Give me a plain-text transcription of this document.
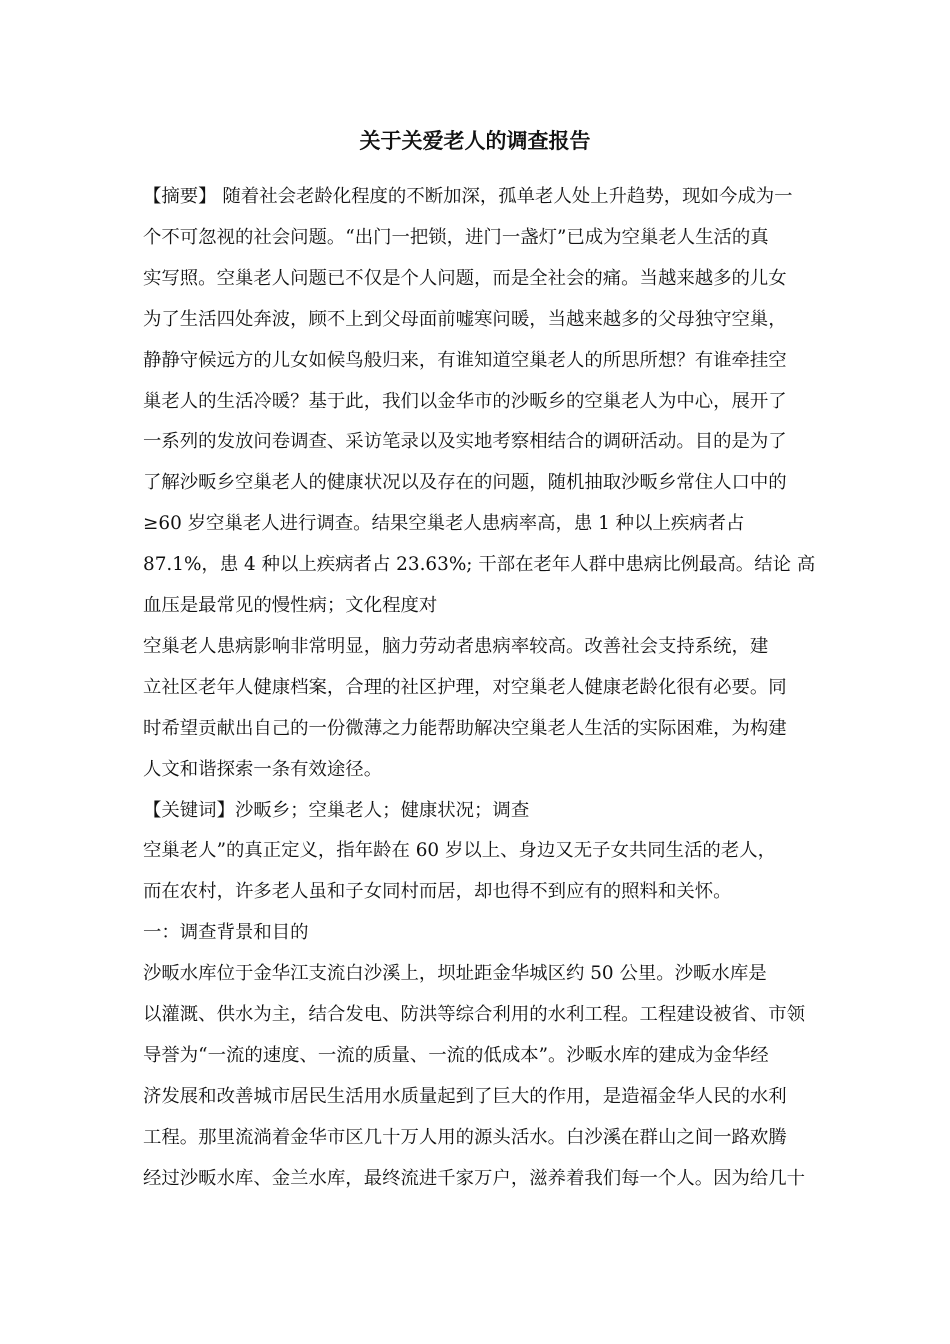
关于关爱老人的调查报告
【摘要】 随着社会老龄化程度的不断加深，孤单老人处上升趋势，现如今成为一
个不可忽视的社会问题。“出门一把锁，进门一盏灯”已成为空巢老人生活的真
实写照。空巢老人问题已不仅是个人问题，而是全社会的痛。当越来越多的儿女
为了生活四处奔波，顾不上到父母面前嘘寒问暖，当越来越多的父母独守空巢，
静静守候远方的儿女如候鸟般归来，有谁知道空巢老人的所思所想？有谁牵挂空
巢老人的生活冷暖？基于此，我们以金华市的沙畈乡的空巢老人为中心，展开了
一系列的发放问卷调查、采访笔录以及实地考察相结合的调研活动。目的是为了
了解沙畈乡空巢老人的健康状况以及存在的问题，随机抽取沙畈乡常住人口中的
≥60 岁空巢老人进行调查。结果空巢老人患病率高，患 1 种以上疾病者占
87.1%，患 4 种以上疾病者占 23.63%; 干部在老年人群中患病比例最高。结论 高
血压是最常见的慢性病；文化程度对
空巢老人患病影响非常明显，脑力劳动者患病率较高。改善社会支持系统，建
立社区老年人健康档案，合理的社区护理，对空巢老人健康老龄化很有必要。同
时希望贡献出自己的一份微薄之力能帮助解决空巢老人生活的实际困难，为构建
人文和谐探索一条有效途径。
【关键词】沙畈乡；空巢老人；健康状况；调查
空巢老人”的真正定义，指年龄在 60 岁以上、身边又无子女共同生活的老人，
而在农村，许多老人虽和子女同村而居，却也得不到应有的照料和关怀。
一：调查背景和目的
沙畈水库位于金华江支流白沙溪上，坝址距金华城区约 50 公里。沙畈水库是
以灌溉、供水为主，结合发电、防洪等综合利用的水利工程。工程建设被省、市领
导誉为“一流的速度、一流的质量、一流的低成本”。沙畈水库的建成为金华经
济发展和改善城市居民生活用水质量起到了巨大的作用，是造福金华人民的水利
工程。那里流淌着金华市区几十万人用的源头活水。白沙溪在群山之间一路欢腾
经过沙畈水库、金兰水库，最终流进千家万户，滋养着我们每一个人。因为给几十
